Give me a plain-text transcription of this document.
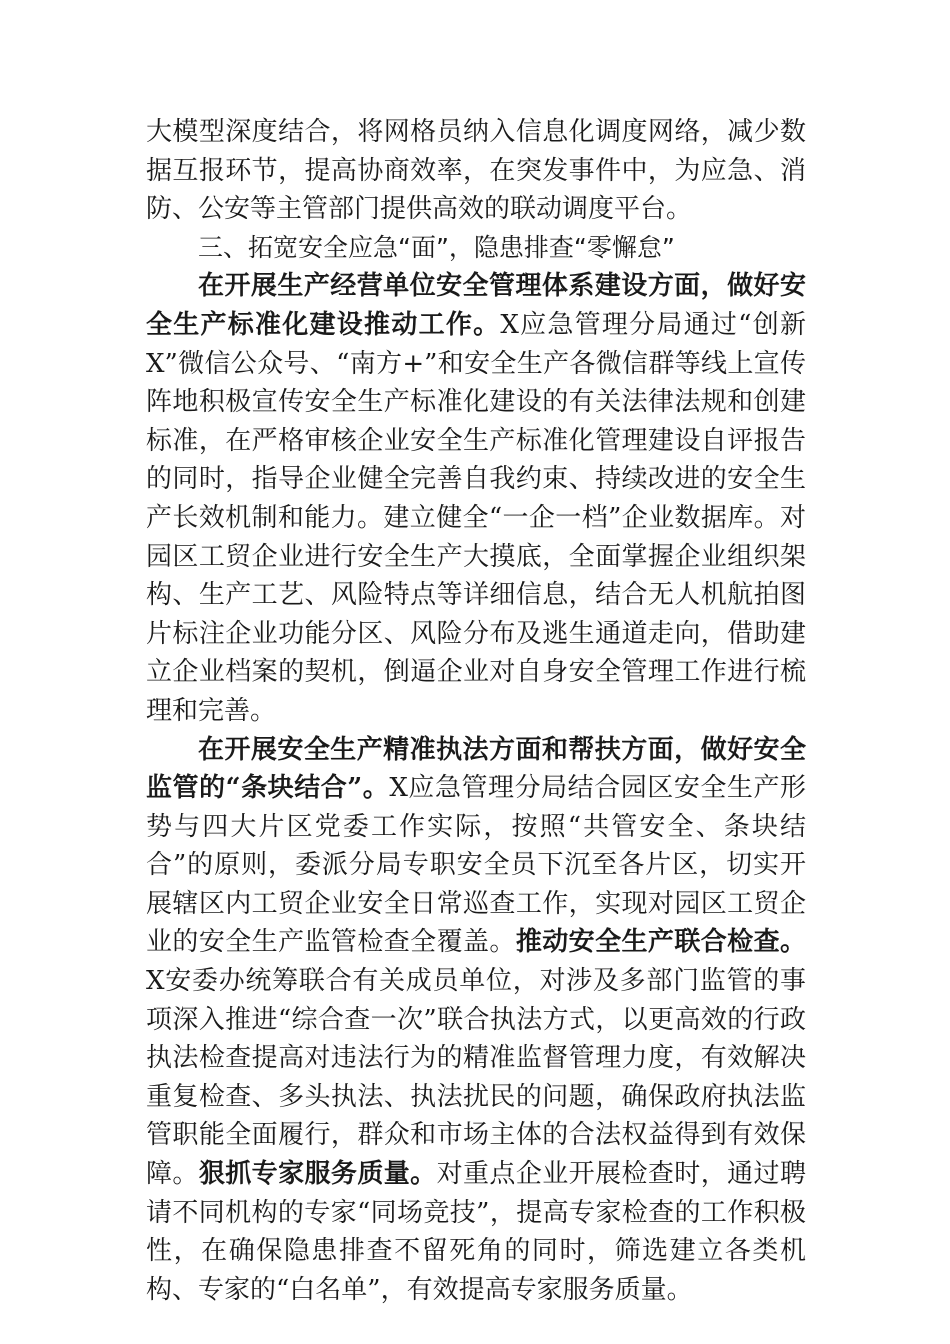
大模型深度结合，将网格员纳入信息化调度网络，减少数据互报环节，提高协商效率，在突发事件中，为应急、消防、公安等主管部门提供高效的联动调度平台。

三、拓宽安全应急“面”，隐患排查“零懈怠”

在开展生产经营单位安全管理体系建设方面，做好安全生产标准化建设推动工作。X应急管理分局通过“创新X”微信公众号、“南方+”和安全生产各微信群等线上宣传阵地积极宣传安全生产标准化建设的有关法律法规和创建标准，在严格审核企业安全生产标准化管理建设自评报告的同时，指导企业健全完善自我约束、持续改进的安全生产长效机制和能力。建立健全“一企一档”企业数据库。对园区工贸企业进行安全生产大摸底，全面掌握企业组织架构、生产工艺、风险特点等详细信息，结合无人机航拍图片标注企业功能分区、风险分布及逃生通道走向，借助建立企业档案的契机，倒逼企业对自身安全管理工作进行梳理和完善。

在开展安全生产精准执法方面和帮扶方面，做好安全监管的“条块结合”。X应急管理分局结合园区安全生产形势与四大片区党委工作实际，按照“共管安全、条块结合”的原则，委派分局专职安全员下沉至各片区，切实开展辖区内工贸企业安全日常巡查工作，实现对园区工贸企业的安全生产监管检查全覆盖。推动安全生产联合检查。X安委办统筹联合有关成员单位，对涉及多部门监管的事项深入推进“综合查一次”联合执法方式，以更高效的行政执法检查提高对违法行为的精准监督管理力度，有效解决重复检查、多头执法、执法扰民的问题，确保政府执法监管职能全面履行，群众和市场主体的合法权益得到有效保障。狠抓专家服务质量。对重点企业开展检查时，通过聘请不同机构的专家“同场竞技”，提高专家检查的工作积极性，在确保隐患排查不留死角的同时，筛选建立各类机构、专家的“白名单”，有效提高专家服务质量。
